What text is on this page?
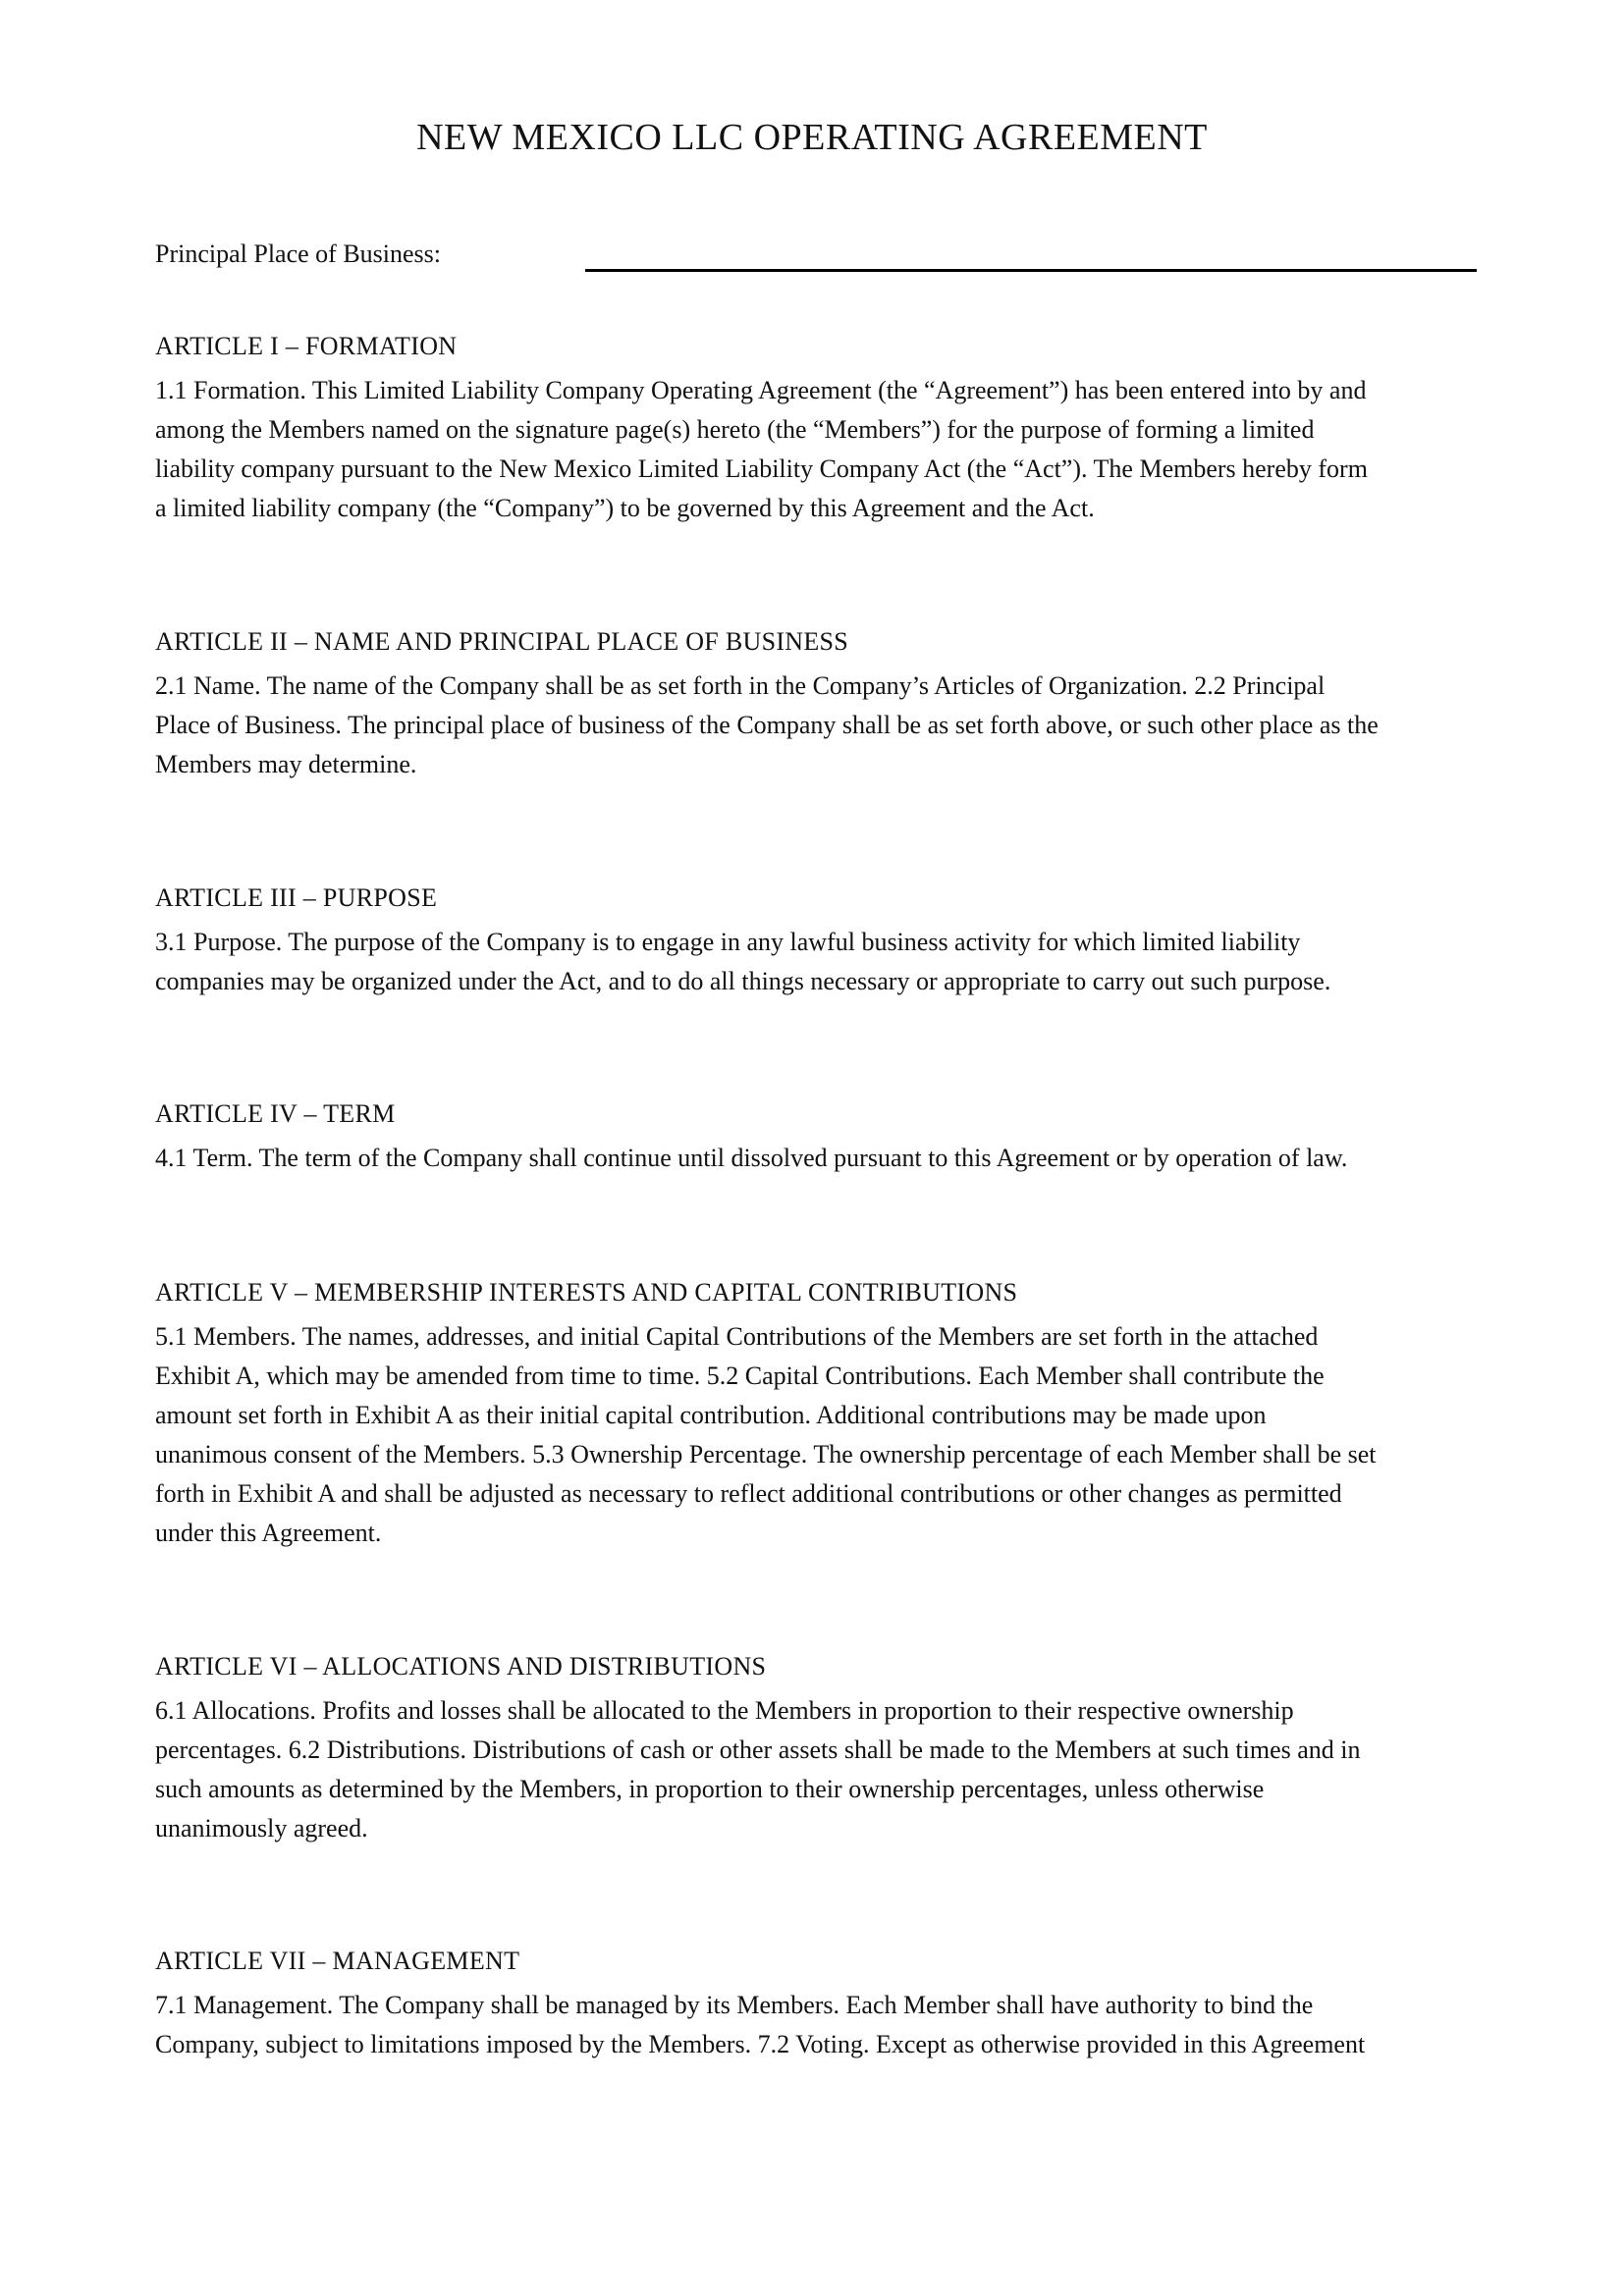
NEW MEXICO LLC OPERATING AGREEMENT
Principal Place of Business:
ARTICLE I – FORMATION

1.1 Formation. This Limited Liability Company Operating Agreement (the “Agreement”) has been entered into by and
among the Members named on the signature page(s) hereto (the “Members”) for the purpose of forming a limited
liability company pursuant to the New Mexico Limited Liability Company Act (the “Act”). The Members hereby form
a limited liability company (the “Company”) to be governed by this Agreement and the Act.

ARTICLE II – NAME AND PRINCIPAL PLACE OF BUSINESS

2.1 Name. The name of the Company shall be as set forth in the Company’s Articles of Organization. 2.2 Principal
Place of Business. The principal place of business of the Company shall be as set forth above, or such other place as the
Members may determine.

ARTICLE III – PURPOSE

3.1 Purpose. The purpose of the Company is to engage in any lawful business activity for which limited liability
companies may be organized under the Act, and to do all things necessary or appropriate to carry out such purpose.

ARTICLE IV – TERM

4.1 Term. The term of the Company shall continue until dissolved pursuant to this Agreement or by operation of law.

ARTICLE V – MEMBERSHIP INTERESTS AND CAPITAL CONTRIBUTIONS

5.1 Members. The names, addresses, and initial Capital Contributions of the Members are set forth in the attached
Exhibit A, which may be amended from time to time. 5.2 Capital Contributions. Each Member shall contribute the
amount set forth in Exhibit A as their initial capital contribution. Additional contributions may be made upon
unanimous consent of the Members. 5.3 Ownership Percentage. The ownership percentage of each Member shall be set
forth in Exhibit A and shall be adjusted as necessary to reflect additional contributions or other changes as permitted
under this Agreement.

ARTICLE VI – ALLOCATIONS AND DISTRIBUTIONS

6.1 Allocations. Profits and losses shall be allocated to the Members in proportion to their respective ownership
percentages. 6.2 Distributions. Distributions of cash or other assets shall be made to the Members at such times and in
such amounts as determined by the Members, in proportion to their ownership percentages, unless otherwise
unanimously agreed.

ARTICLE VII – MANAGEMENT

7.1 Management. The Company shall be managed by its Members. Each Member shall have authority to bind the
Company, subject to limitations imposed by the Members. 7.2 Voting. Except as otherwise provided in this Agreement
